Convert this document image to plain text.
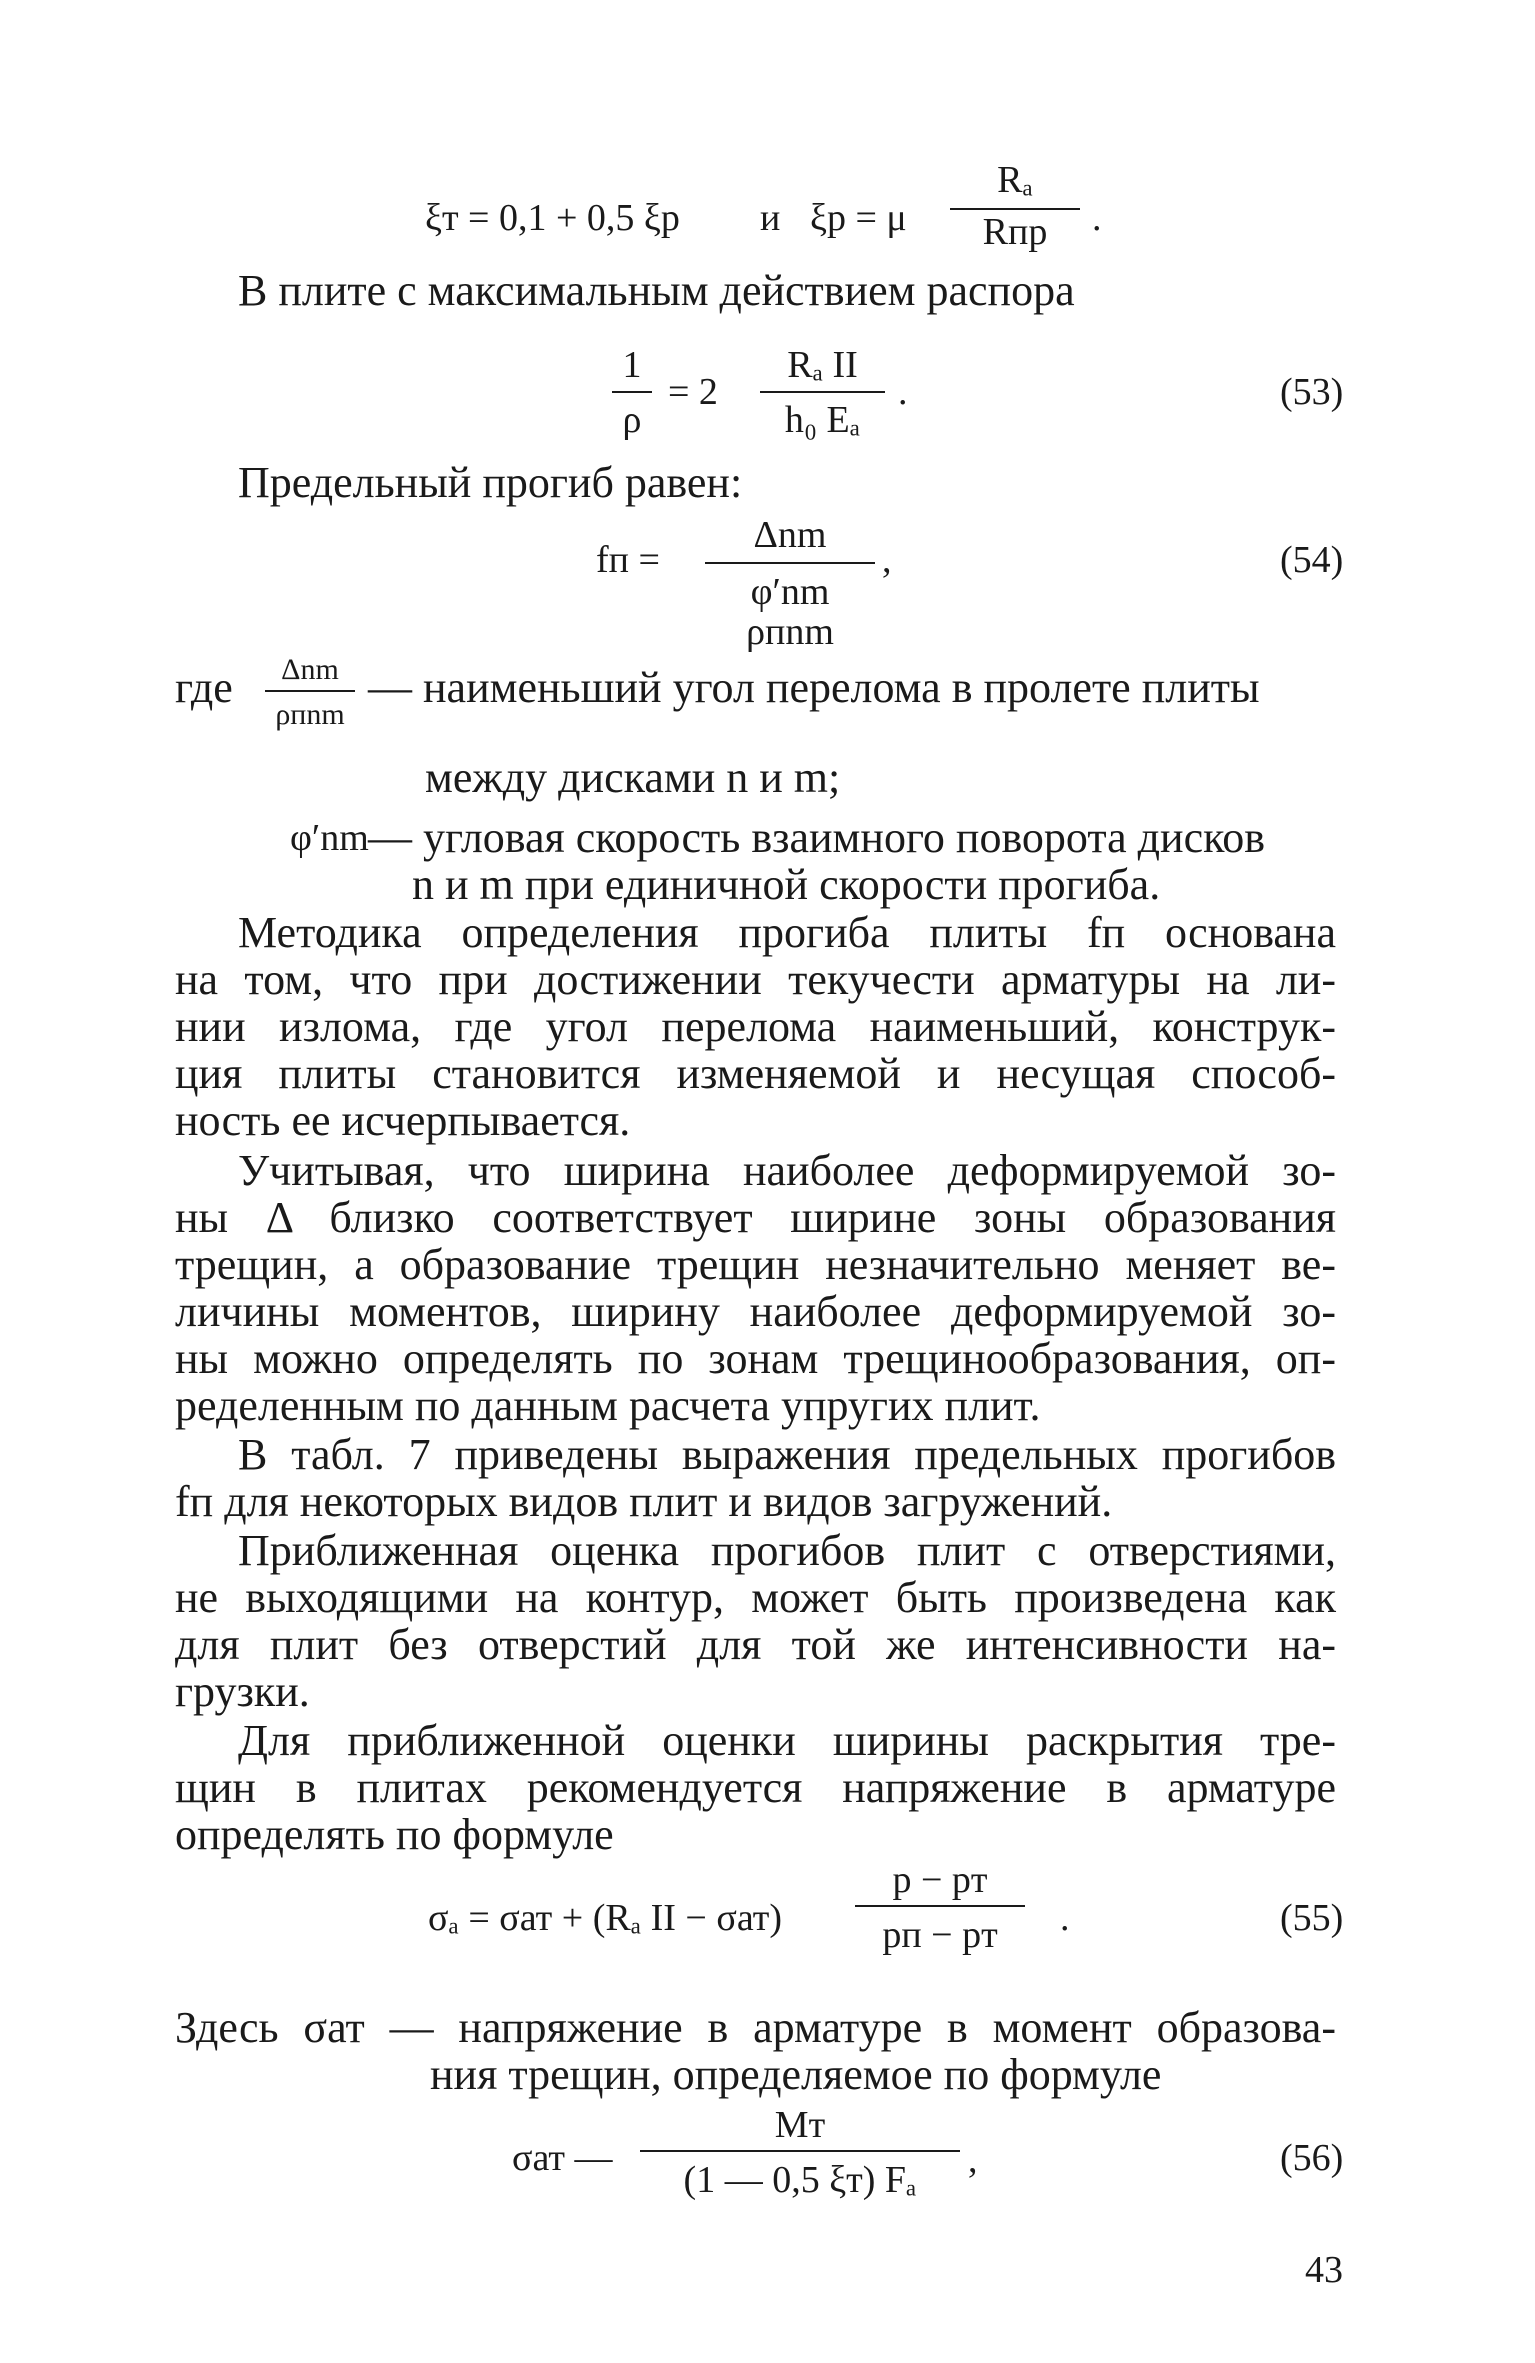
ξт = 0,1 + 0,5 ξр и ξр = μ
Rₐ
Rпр	.
В плите с максимальным действием распора
1
ρ
= 2
Rₐ II
h₀ Eₐ
.	(53)
Предельный прогиб равен:
fп =
Δnm
φ′nm ρпnm
,	(54)
где	Δnm
ρпnm
— наименьший угол перелома в пролете плиты
между дисками n и m;
φ′nm — угловая скорость взаимного поворота дисков
n и m при единичной скорости прогиба.
Методика определения прогиба плиты fп основана
на том, что при достижении текучести арматуры на ли-
нии излома, где угол перелома наименьший, конструк-
ция плиты становится изменяемой и несущая способ-
ность ее исчерпывается.
Учитывая, что ширина наиболее деформируемой зо-
ны Δ близко соответствует ширине зоны образования
трещин, а образование трещин незначительно меняет ве-
личины моментов, ширину наиболее деформируемой зо-
ны можно определять по зонам трещинообразования, оп-
ределенным по данным расчета упругих плит.
В табл. 7 приведены выражения предельных прогибов
fп для некоторых видов плит и видов загружений.
Приближенная оценка прогибов плит с отверстиями,
не выходящими на контур, может быть произведена как
для плит без отверстий для той же интенсивности на-
грузки.
Для приближенной оценки ширины раскрытия тре-
щин в плитах рекомендуется напряжение в арматуре
определять по формуле
σₐ = σат + (Rₐ II − σат)
p − pт
pп − pт	.	(55)
Здесь σат — напряжение в арматуре в момент образова-
ния трещин, определяемое по формуле
σат —
Mт
(1 — 0,5 ξт) Fₐ	,	(56)
43
